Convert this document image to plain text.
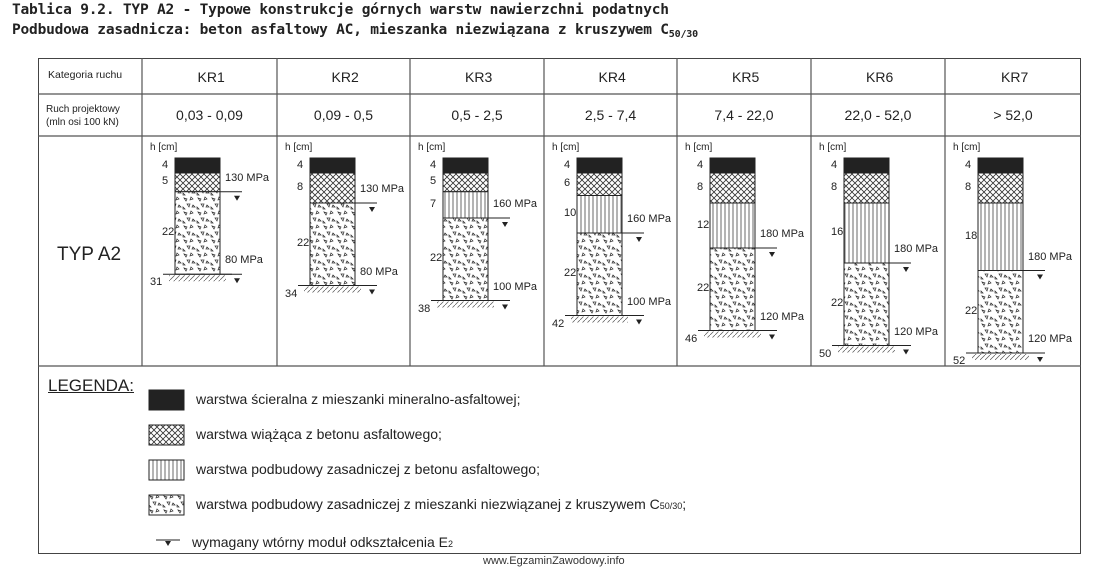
Tablica 9.2. TYP A2 - Typowe konstrukcje górnych warstw nawierzchni podatnych
Podbudowa zasadnicza: beton asfaltowy AC, mieszanka niezwiązana z kruszywem $C_{50/30}$
Kategoria ruchu
Ruch projektowy
(mln osi 100 kN)
TYP A2
KR1
0,03 - 0,09
h [cm]
4
5
22
31
130 MPa
80 MPa
KR2
0,09 - 0,5
h [cm]
4
8
22
34
130 MPa
80 MPa
KR3
0,5 - 2,5
h [cm]
4
5
7
22
38
160 MPa
100 MPa
KR4
2,5 - 7,4
h [cm]
4
6
10
22
42
160 MPa
100 MPa
KR5
7,4 - 22,0
h [cm]
4
8
12
22
46
180 MPa
120 MPa
KR6
22,0 - 52,0
h [cm]
4
8
16
22
50
180 MPa
120 MPa
KR7
> 52,0
h [cm]
4
8
18
22
52
180 MPa
120 MPa
LEGENDA:
warstwa ścieralna z mieszanki mineralno-asfaltowej;
warstwa wiążąca z betonu asfaltowego;
warstwa podbudowy zasadniczej z betonu asfaltowego;
warstwa podbudowy zasadniczej z mieszanki niezwiązanej z kruszywem C50/30;
wymagany wtórny moduł odkształcenia E2
www.EgzaminZawodowy.info
